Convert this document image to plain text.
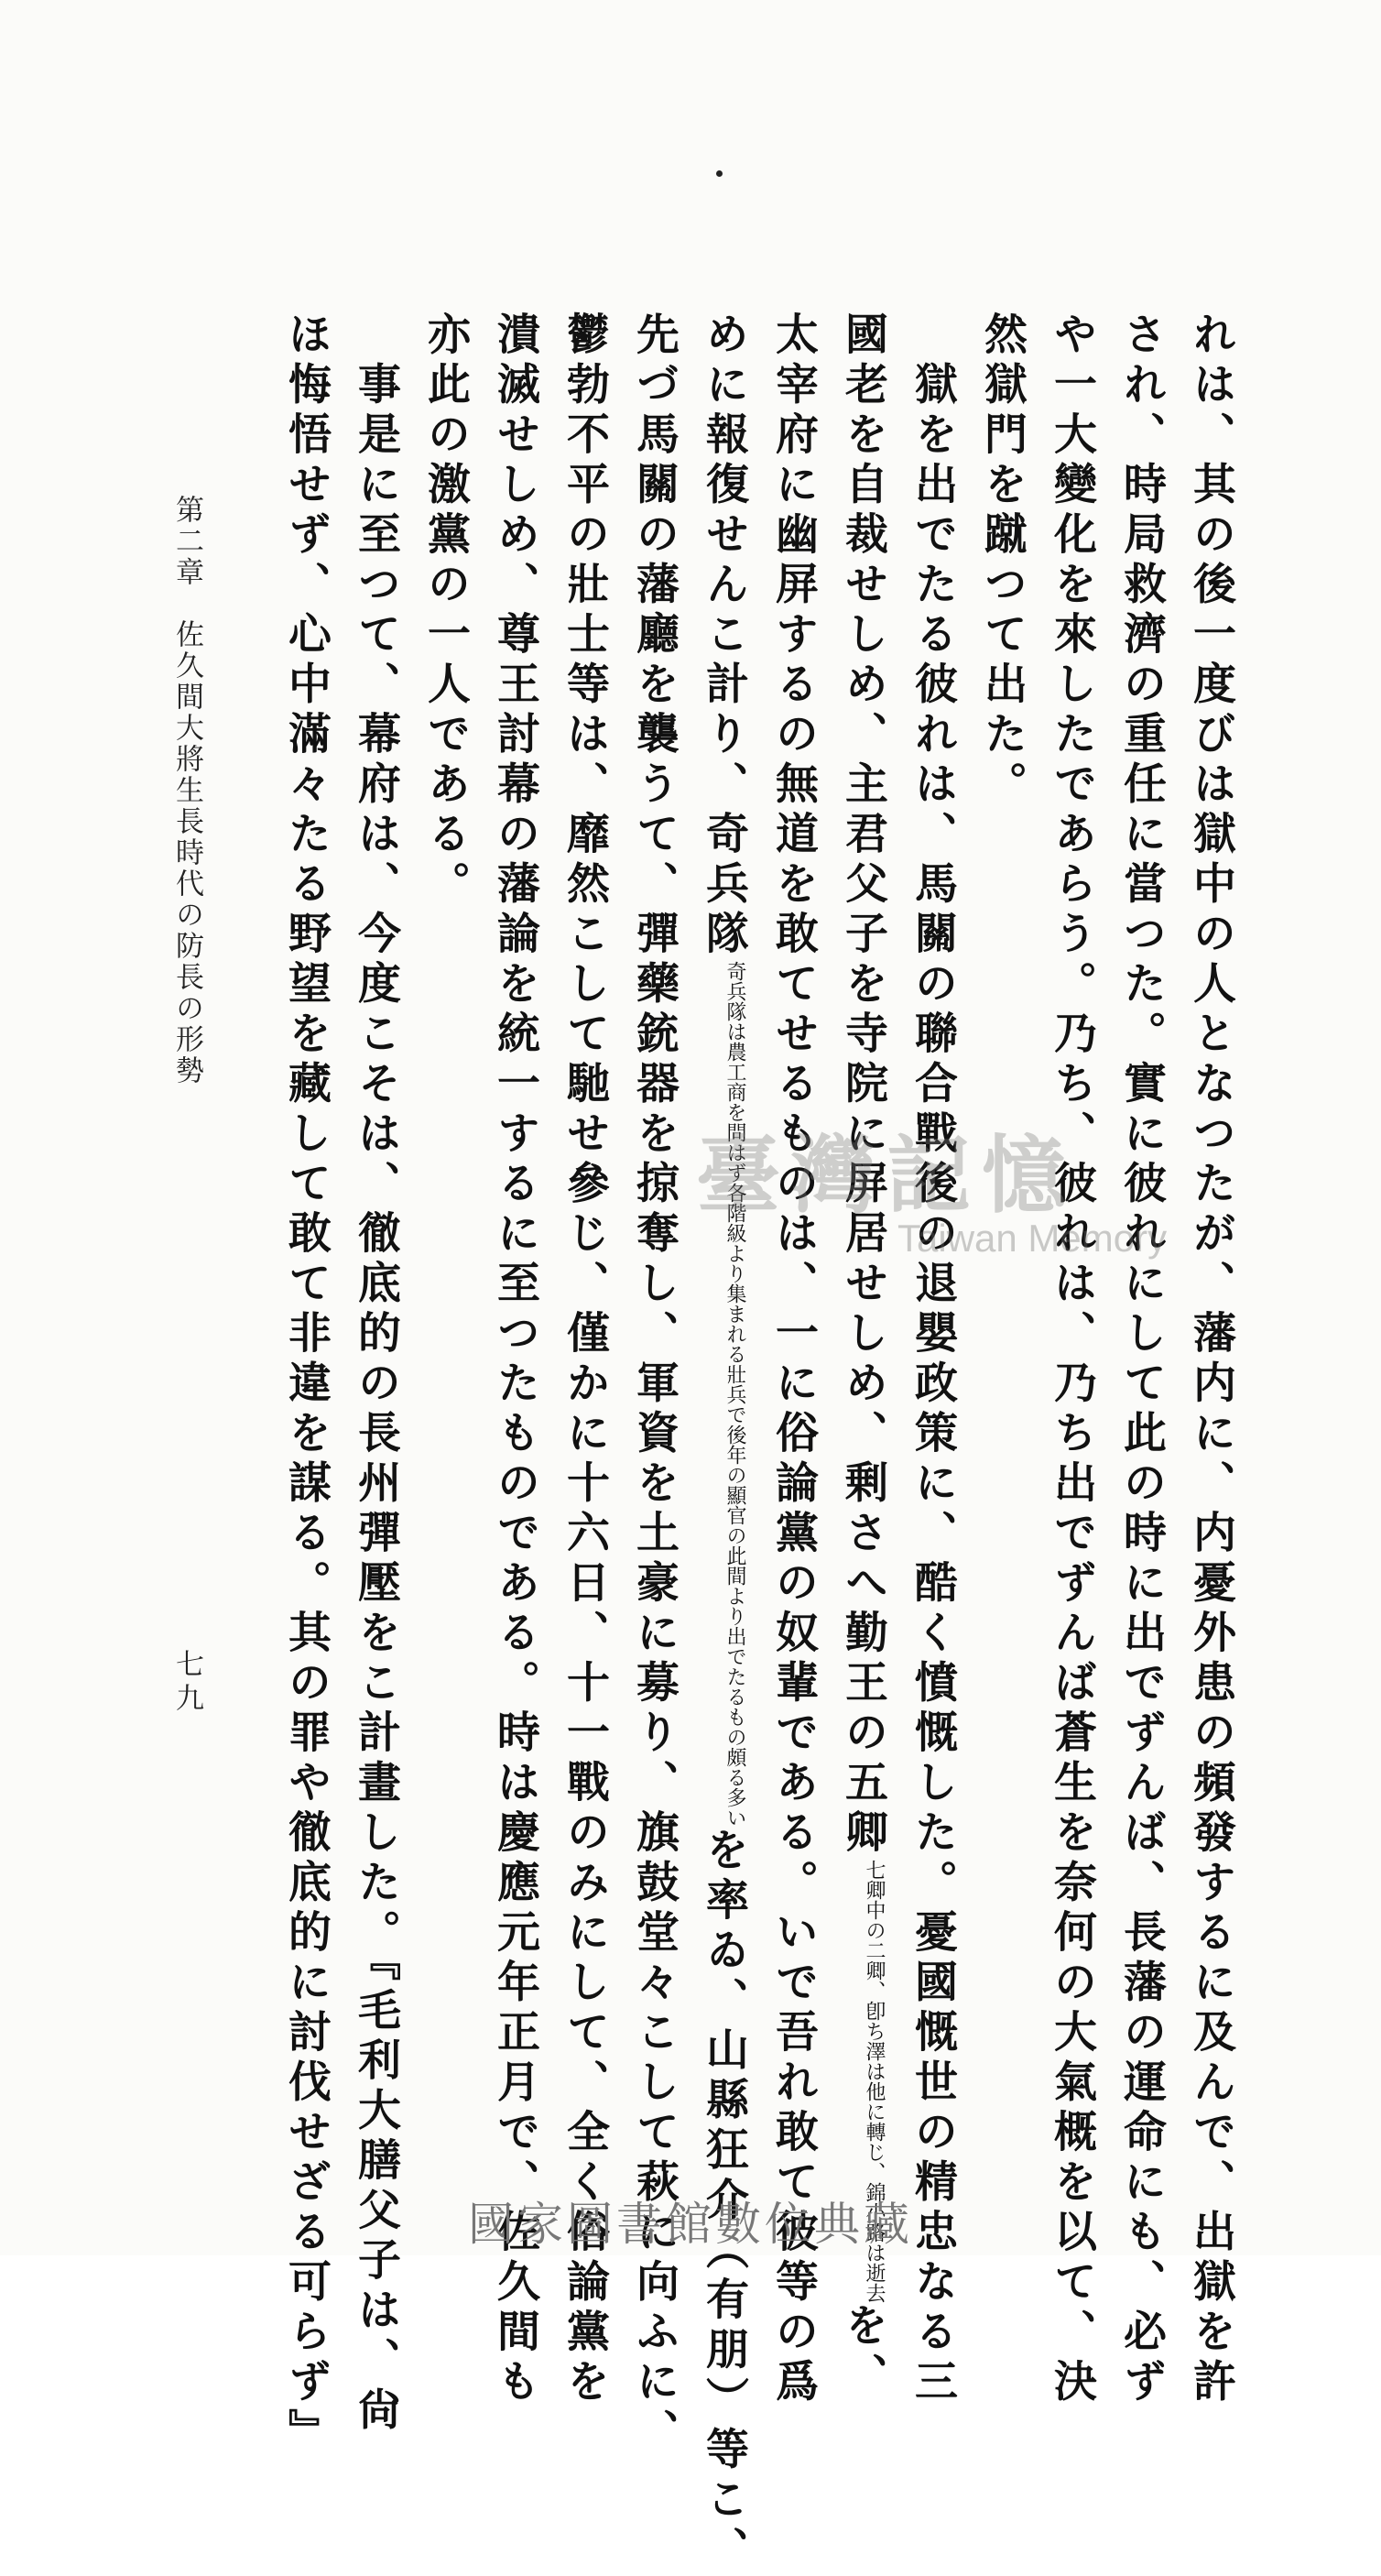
れは、其の後一度びは獄中の人となつたが、藩内に、内憂外患の頻發するに及んで、出獄を許
され、時局救濟の重任に當つた。實に彼れにして此の時に出でずんば、長藩の運命にも、必ず
や一大變化を來したであらう。乃ち、彼れは、乃ち出でずんば蒼生を奈何の大氣概を以て、決
然獄門を蹴つて出た。
　獄を出でたる彼れは、馬關の聯合戰後の退嬰政策に、酷く憤慨した。憂國慨世の精忠なる三
國老を自裁せしめ、主君父子を寺院に屏居せしめ、剰さへ勤王の五卿七卿中の二卿、卽ち澤は他に轉じ、錦小路は逝去を、
太宰府に幽屏するの無道を敢てせるものは、一に俗論黨の奴輩である。いで吾れ敢て彼等の爲
めに報復せんこ計り、奇兵隊奇兵隊は農工商を問はず各階級より集まれる壯兵で後年の顯官の此間より出でたるもの頗る多いを率ゐ、山縣狂介（有朋）等こ、
先づ馬關の藩廳を襲うて、彈藥銃器を掠奪し、軍資を土豪に募り、旗鼓堂々こして萩に向ふに、
鬱勃不平の壯士等は、靡然こして馳せ參じ、僅かに十六日、十一戰のみにして、全く俗論黨を
潰滅せしめ、尊王討幕の藩論を統一するに至つたものである。時は慶應元年正月で、佐久間も
亦此の激黨の一人である。
　事是に至つて、幕府は、今度こそは、徹底的の長州彈壓をこ計畫した。『毛利大膳父子は、尙
ほ悔悟せず、心中滿々たる野望を藏して敢て非違を謀る。其の罪や徹底的に討伐せざる可らず』
第二章　佐久間大將生長時代の防長の形勢
七九
臺灣記憶
Taiwan Memory
國家圖書館數位典藏
